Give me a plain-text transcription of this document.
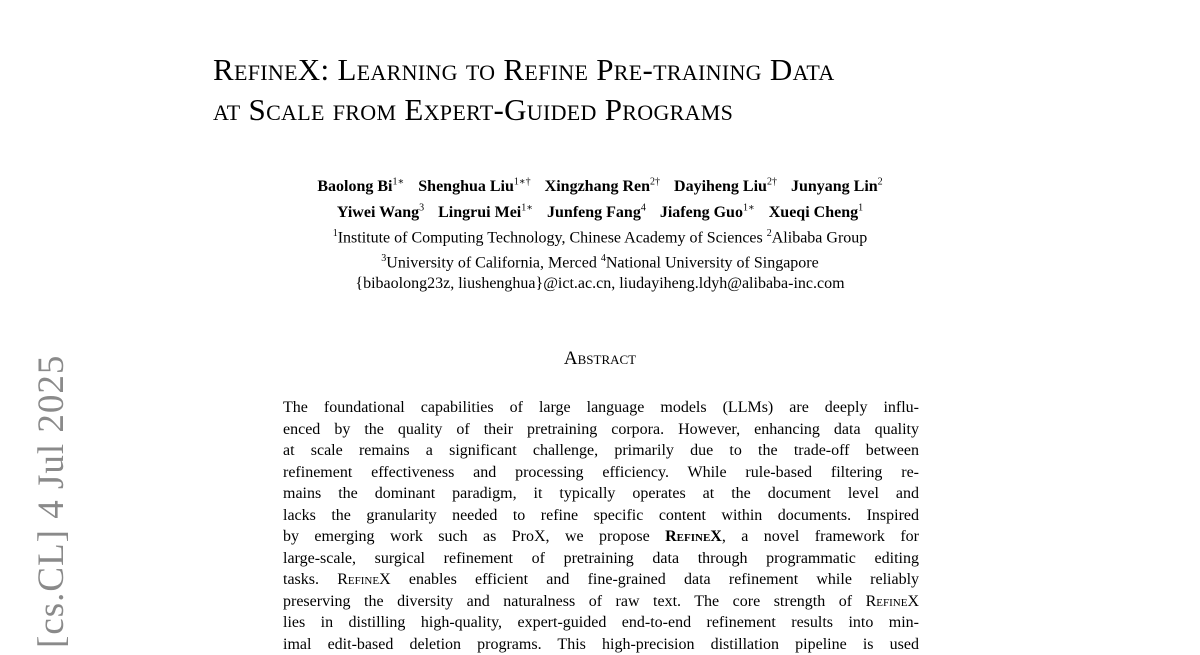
[cs.CL] 4 Jul 2025
RefineX: Learning to Refine Pre-training Data
at Scale from Expert-Guided Programs
Baolong $Bi^{1∗}$ Shenghua Liu$^{1∗\dagger}$ Xingzhang Ren$^{2\dagger}$ Dayiheng Liu$^{2\dagger}$ Junyang Lin$^2$
Yiwei Wang$^3$ Lingrui Mei$^{1∗}$ Junfeng Fang$^4$ Jiafeng Guo$^{1∗}$ Xueqi Cheng$^1$
$^1$Institute of Computing Technology, Chinese Academy of Sciences $^2$Alibaba Group
$^3$University of California, Merced $^4$National University of Singapore
{bibaolong23z, liushenghua}@ict.ac.cn, liudayiheng.ldyh@alibaba-inc.com
Abstract
The foundational capabilities of large language models (LLMs) are deeply influ-
enced by the quality of their pretraining corpora. However, enhancing data quality
at scale remains a significant challenge, primarily due to the trade-off between
refinement effectiveness and processing efficiency. While rule-based filtering re-
mains the dominant paradigm, it typically operates at the document level and
lacks the granularity needed to refine specific content within documents. Inspired
by emerging work such as ProX, we propose RefineX, a novel framework for
large-scale, surgical refinement of pretraining data through programmatic editing
tasks. RefineX enables efficient and fine-grained data refinement while reliably
preserving the diversity and naturalness of raw text. The core strength of RefineX
lies in distilling high-quality, expert-guided end-to-end refinement results into min-
imal edit-based deletion programs. This high-precision distillation pipeline is used
